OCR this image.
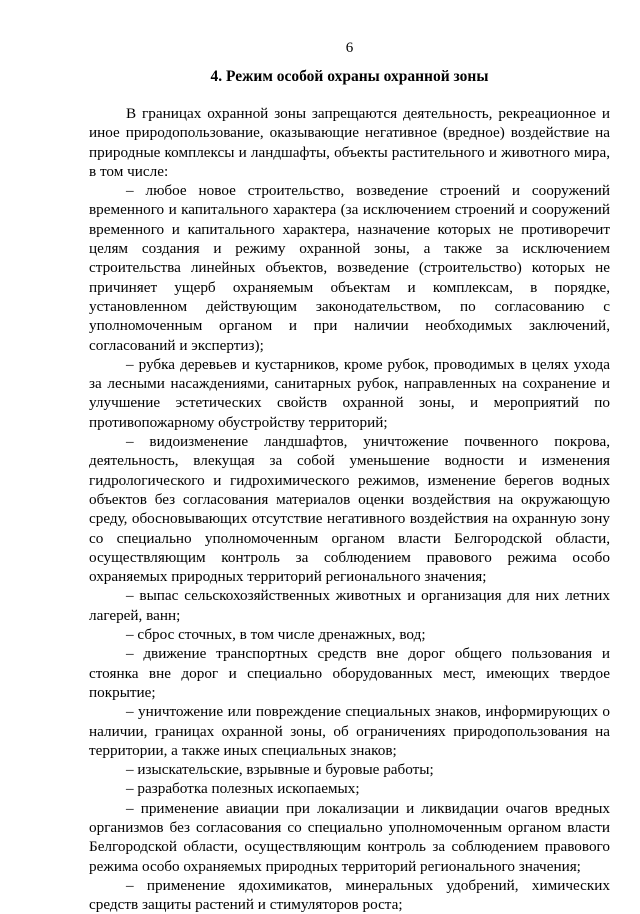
6
4. Режим особой охраны охранной зоны

В границах охранной зоны запрещаются деятельность, рекреационное и иное природопользование, оказывающие негативное (вредное) воздействие на природные комплексы и ландшафты, объекты растительного и животного мира, в том числе:

– любое новое строительство, возведение строений и сооружений временного и капитального характера (за исключением строений и сооружений временного и капитального характера, назначение которых не противоречит целям создания и режиму охранной зоны, а также за исключением строительства линейных объектов, возведение (строительство) которых не причиняет ущерб охраняемым объектам и комплексам, в порядке, установленном действующим законодательством, по согласованию с уполномоченным органом и при наличии необходимых заключений, согласований и экспертиз);

– рубка деревьев и кустарников, кроме рубок, проводимых в целях ухода за лесными насаждениями, санитарных рубок, направленных на сохранение и улучшение эстетических свойств охранной зоны, и мероприятий по противопожарному обустройству территорий;

– видоизменение ландшафтов, уничтожение почвенного покрова, деятельность, влекущая за собой уменьшение водности и изменения гидрологического и гидрохимического режимов, изменение берегов водных объектов без согласования материалов оценки воздействия на окружающую среду, обосновывающих отсутствие негативного воздействия на охранную зону со специально уполномоченным органом власти Белгородской области, осуществляющим контроль за соблюдением правового режима особо охраняемых природных территорий регионального значения;

– выпас сельскохозяйственных животных и организация для них летних лагерей, ванн;

– сброс сточных, в том числе дренажных, вод;

– движение транспортных средств вне дорог общего пользования и стоянка вне дорог и специально оборудованных мест, имеющих твердое покрытие;

– уничтожение или повреждение специальных знаков, информирующих о наличии, границах охранной зоны, об ограничениях природопользования на территории, а также иных специальных знаков;

– изыскательские, взрывные и буровые работы;

– разработка полезных ископаемых;

– применение авиации при локализации и ликвидации очагов вредных организмов без согласования со специально уполномоченным органом власти Белгородской области, осуществляющим контроль за соблюдением правового режима особо охраняемых природных территорий регионального значения;

– применение ядохимикатов, минеральных удобрений, химических средств защиты растений и стимуляторов роста;
